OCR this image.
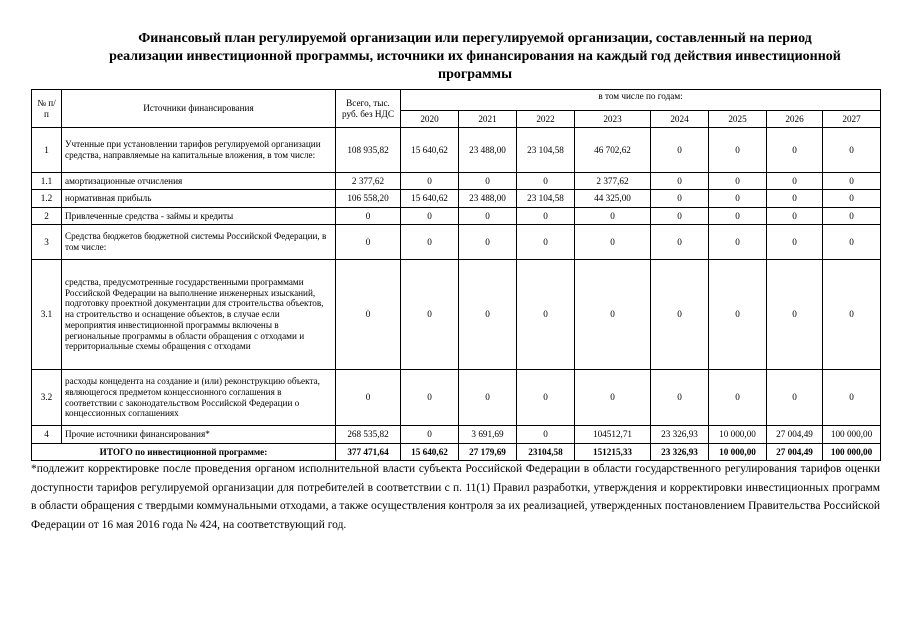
Финансовый план регулируемой организации или перегулируемой организации, составленный на период
реализации инвестиционной программы, источники их финансирования на каждый год действия инвестиционной
программы
№ п/п	Источники финансирования	Всего, тыс. руб. без НДС	в том числе по годам:							
			2020	2021	2022	2023	2024	2025	2026	2027
1	Учтенные при установлении тарифов регулируемой организации средства, направляемые на капитальные вложения, в том числе:	108 935,82	15 640,62	23 488,00	23 104,58	46 702,62	0	0	0	0
1.1	амортизационные отчисления	2 377,62	0	0	0	2 377,62	0	0	0	0
1.2	нормативная прибыль	106 558,20	15 640,62	23 488,00	23 104,58	44 325,00	0	0	0	0
2	Привлеченные средства - займы и кредиты	0	0	0	0	0	0	0	0	0
3	Средства бюджетов бюджетной системы Российской Федерации, в том числе:	0	0	0	0	0	0	0	0	0
3.1	средства, предусмотренные государственными программами Российской Федерации на выполнение инженерных изысканий, подготовку проектной документации для строительства объектов, на строительство и оснащение объектов, в случае если мероприятия инвестиционной программы включены в региональные программы в области обращения с отходами и территориальные схемы обращения с отходами	0	0	0	0	0	0	0	0	0
3.2	расходы концедента на создание и (или) реконструкцию объекта, являющегося предметом концессионного соглашения в соответствии с законодательством Российской Федерации о концессионных соглашениях	0	0	0	0	0	0	0	0	0
4	Прочие источники финансирования*	268 535,82	0	3 691,69	0	104512,71	23 326,93	10 000,00	27 004,49	100 000,00
ИТОГО по инвестиционной программе:		377 471,64	15 640,62	27 179,69	23104,58	151215,33	23 326,93	10 000,00	27 004,49	100 000,00
*подлежит корректировке после проведения органом исполнительной власти субъекта Российской Федерации в области государственного регулирования тарифов оценки доступности тарифов регулируемой организации для потребителей в соответствии с п. 11(1) Правил разработки, утверждения и корректировки инвестиционных программ в области обращения с твердыми коммунальными отходами, а также осуществления контроля за их реализацией, утвержденных постановлением Правительства Российской Федерации от 16 мая 2016 года № 424, на соответствующий год.
